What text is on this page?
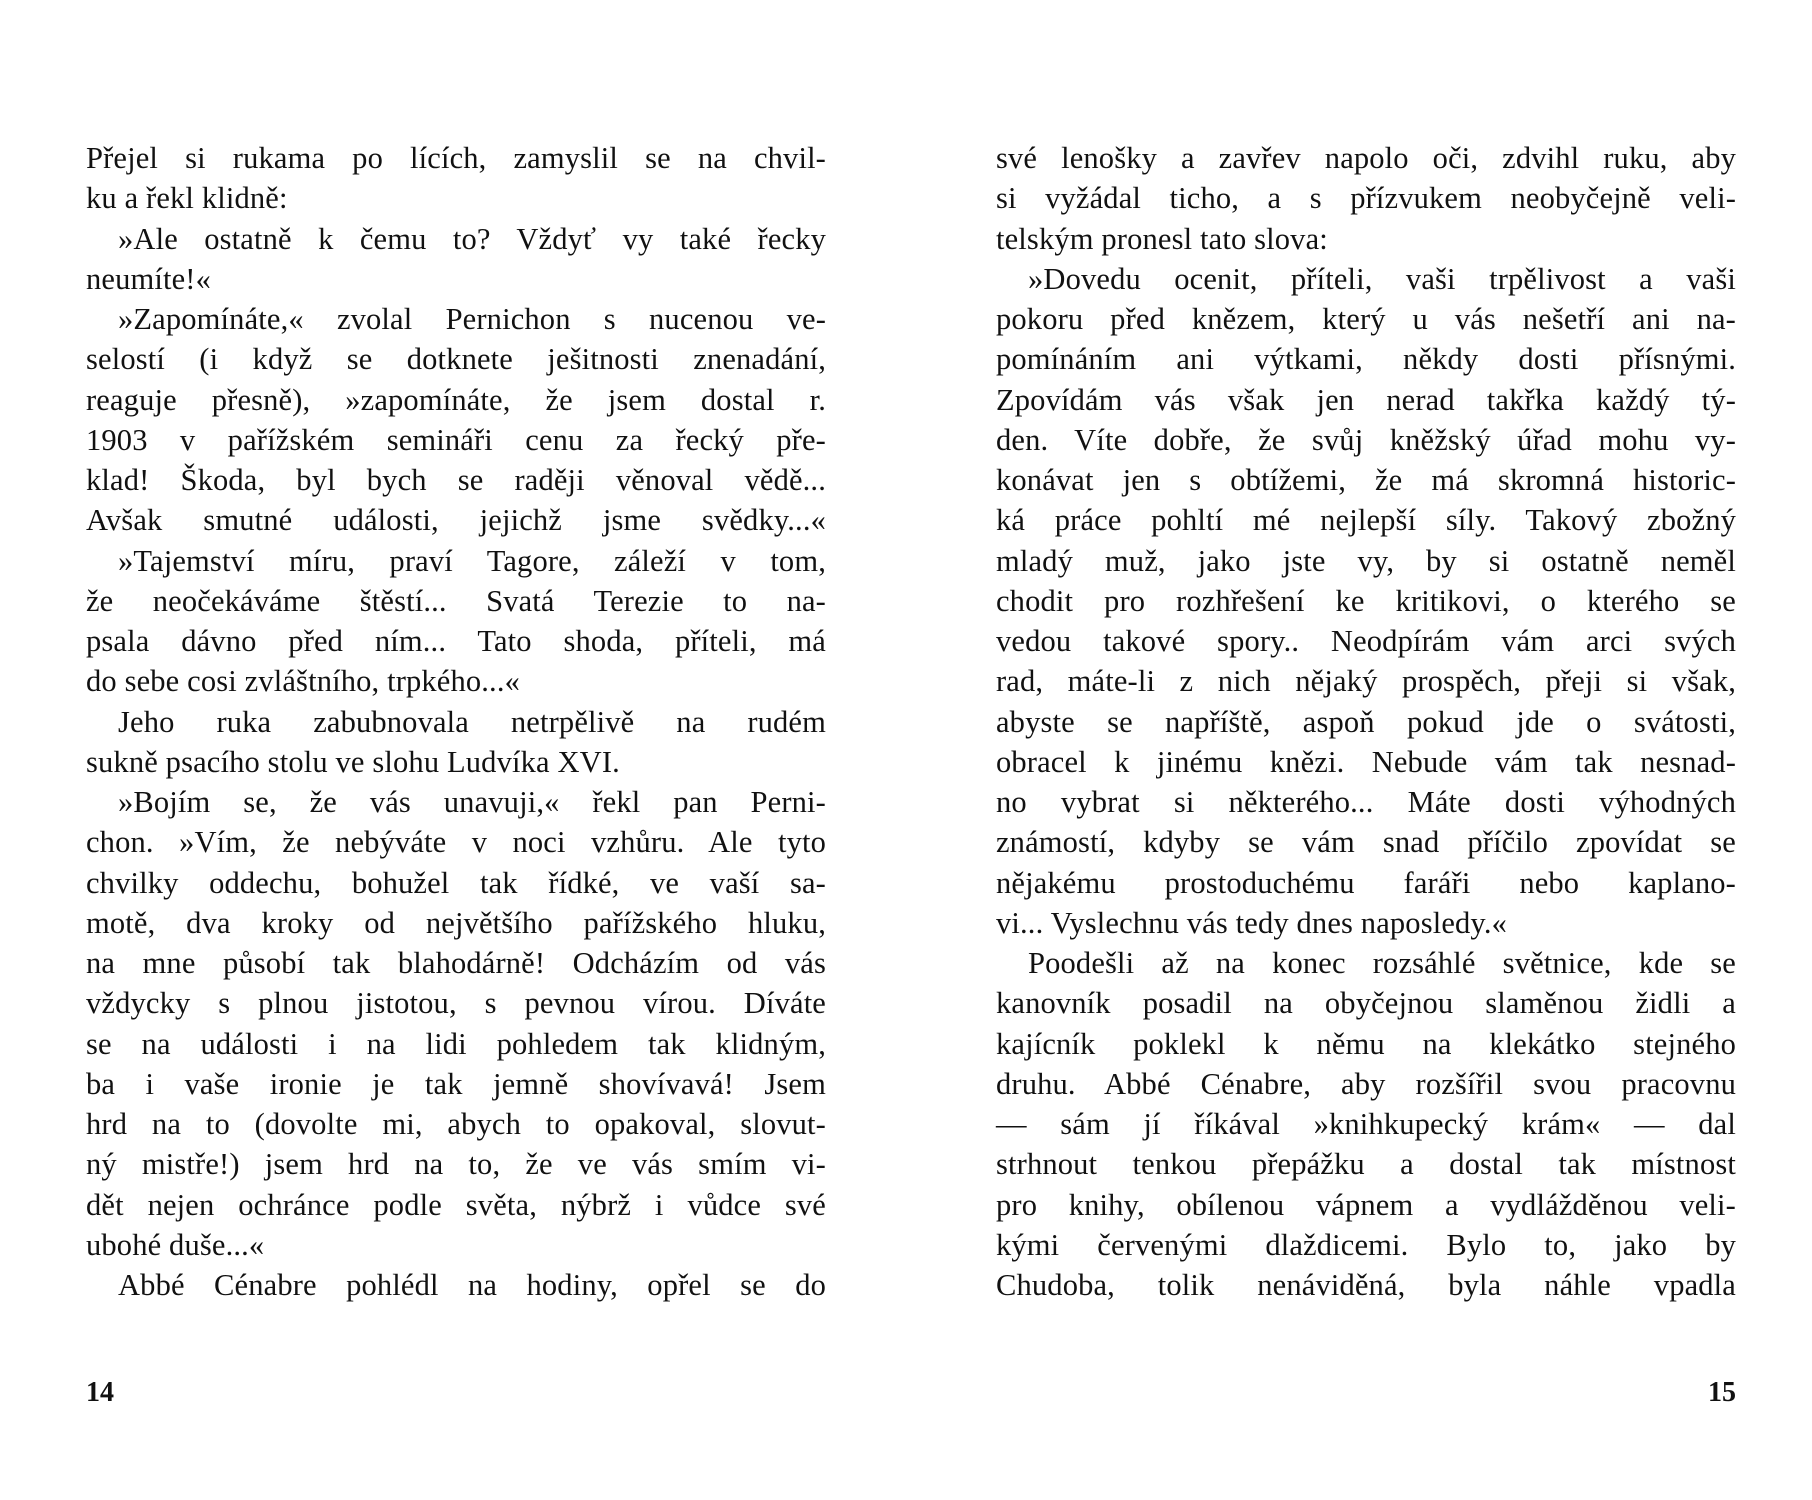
Přejel si rukama po lících, zamyslil se na chvil-
ku a řekl klidně:
»Ale ostatně k čemu to? Vždyť vy také řecky
neumíte!«
»Zapomínáte,« zvolal Pernichon s nucenou ve-
selostí (i když se dotknete ješitnosti znenadání,
reaguje přesně), »zapomínáte, že jsem dostal r.
1903 v pařížském semináři cenu za řecký pře-
klad! Škoda, byl bych se raději věnoval vědě...
Avšak smutné události, jejichž jsme svědky...«
»Tajemství míru, praví Tagore, záleží v tom,
že neočekáváme štěstí... Svatá Terezie to na-
psala dávno před ním... Tato shoda, příteli, má
do sebe cosi zvláštního, trpkého...«
Jeho ruka zabubnovala netrpělivě na rudém
sukně psacího stolu ve slohu Ludvíka XVI.
»Bojím se, že vás unavuji,« řekl pan Perni-
chon. »Vím, že nebýváte v noci vzhůru. Ale tyto
chvilky oddechu, bohužel tak řídké, ve vaší sa-
motě, dva kroky od největšího pařížského hluku,
na mne působí tak blahodárně! Odcházím od vás
vždycky s plnou jistotou, s pevnou vírou. Díváte
se na události i na lidi pohledem tak klidným,
ba i vaše ironie je tak jemně shovívavá! Jsem
hrd na to (dovolte mi, abych to opakoval, slovut-
ný mistře!) jsem hrd na to, že ve vás smím vi-
dět nejen ochránce podle světa, nýbrž i vůdce své
ubohé duše...«
Abbé Cénabre pohlédl na hodiny, opřel se do
své lenošky a zavřev napolo oči, zdvihl ruku, aby
si vyžádal ticho, a s přízvukem neobyčejně veli-
telským pronesl tato slova:
»Dovedu ocenit, příteli, vaši trpělivost a vaši
pokoru před knězem, který u vás nešetří ani na-
pomínáním ani výtkami, někdy dosti přísnými.
Zpovídám vás však jen nerad takřka každý tý-
den. Víte dobře, že svůj kněžský úřad mohu vy-
konávat jen s obtížemi, že má skromná historic-
ká práce pohltí mé nejlepší síly. Takový zbožný
mladý muž, jako jste vy, by si ostatně neměl
chodit pro rozhřešení ke kritikovi, o kterého se
vedou takové spory.. Neodpírám vám arci svých
rad, máte-li z nich nějaký prospěch, přeji si však,
abyste se napříště, aspoň pokud jde o svátosti,
obracel k jinému knězi. Nebude vám tak nesnad-
no vybrat si některého... Máte dosti výhodných
známostí, kdyby se vám snad příčilo zpovídat se
nějakému prostoduchému faráři nebo kaplano-
vi... Vyslechnu vás tedy dnes naposledy.«
Poodešli až na konec rozsáhlé světnice, kde se
kanovník posadil na obyčejnou slaměnou židli a
kajícník poklekl k němu na klekátko stejného
druhu. Abbé Cénabre, aby rozšířil svou pracovnu
— sám jí říkával »knihkupecký krám« — dal
strhnout tenkou přepážku a dostal tak místnost
pro knihy, obílenou vápnem a vydlážděnou veli-
kými červenými dlaždicemi. Bylo to, jako by
Chudoba, tolik nenáviděná, byla náhle vpadla
14	15
